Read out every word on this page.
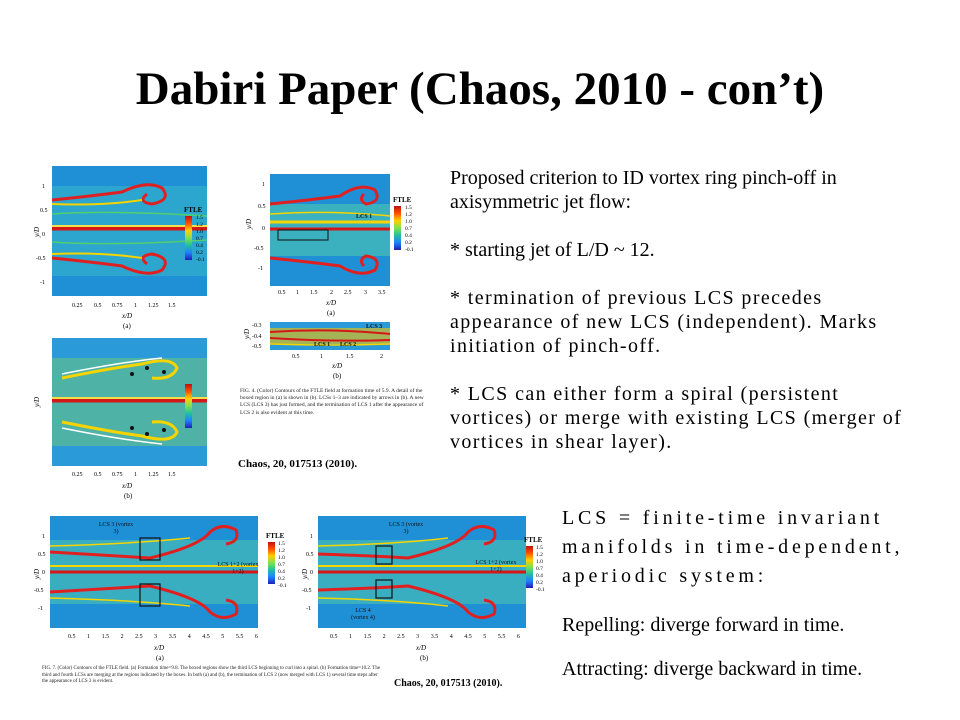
Dabiri Paper (Chaos, 2010 - con’t)
y/D
1
0.5
0
-0.5
-1
0.25 0.5 0.75 1 1.25 1.5
x/D
(a)
FTLE
1.5
1.2
1.0
0.7
0.4
0.2
-0.1
y/D
0.25 0.5 0.75 1 1.25 1.5
x/D
(b)
LCS 1
y/D
1
0.5
0
-0.5
-1
0.5 1 1.5 2 2.5 3 3.5
x/D
(a)
FTLE
1.5
1.2
1.0
0.7
0.4
0.2
-0.1
LCS 3
LCS 1 LCS 2
-0.3
-0.4
-0.5
y/D
0.5	1	1.5	2
x/D
(b)
FIG. 4. (Color) Contours of the FTLE field at formation time of 5.9. A detail of the boxed region in (a) is shown in (b). LCSs 1–3 are indicated by arrows in (b). A new LCS (LCS 3) has just formed, and the termination of LCS 1 after the appearance of LCS 2 is also evident at this time.
Chaos, 20, 017513 (2010).

Proposed criterion to ID vortex ring pinch-off in axisymmetric jet flow:

* starting jet of L/D ~ 12.

* termination of previous LCS precedes appearance of new LCS (independent). Marks initiation of pinch-off.

* LCS can either form a spiral (persistent vortices) or merge with existing LCS (merger of vortices in shear layer).

LCS 3 (vortex 3)
LCS 1+2 (vortex 1+2)
FTLE
1.5
1.2
1.0
0.7
0.4
0.2
-0.1
y/D
1
0.5
0
-0.5
-1
0.5 1 1.5 2 2.5 3 3.5 4 4.5 5 5.5 6
x/D
(a)
LCS 3 (vortex 3)
LCS 1+2 (vortex 1+2)
LCS 4 (vortex 4)
FTLE
1.5
1.2
1.0
0.7
0.4
0.2
-0.1
y/D
1
0.5
0
-0.5
-1
0.5 1 1.5 2 2.5 3 3.5 4 4.5 5 5.5 6
x/D
(b)
FIG. 7. (Color) Contours of the FTLE field. (a) Formation time=9.8. The boxed regions show the third LCS beginning to curl into a spiral. (b) Formation time=10.2. The third and fourth LCSs are merging at the regions indicated by the boxes. In both (a) and (b), the termination of LCS 2 (now merged with LCS 1) several time steps after the appearance of LCS 3 is evident.	Chaos, 20, 017513 (2010).

LCS = finite-time invariant manifolds in time-dependent, aperiodic system:

Repelling: diverge forward in time.

Attracting: diverge backward in time.
